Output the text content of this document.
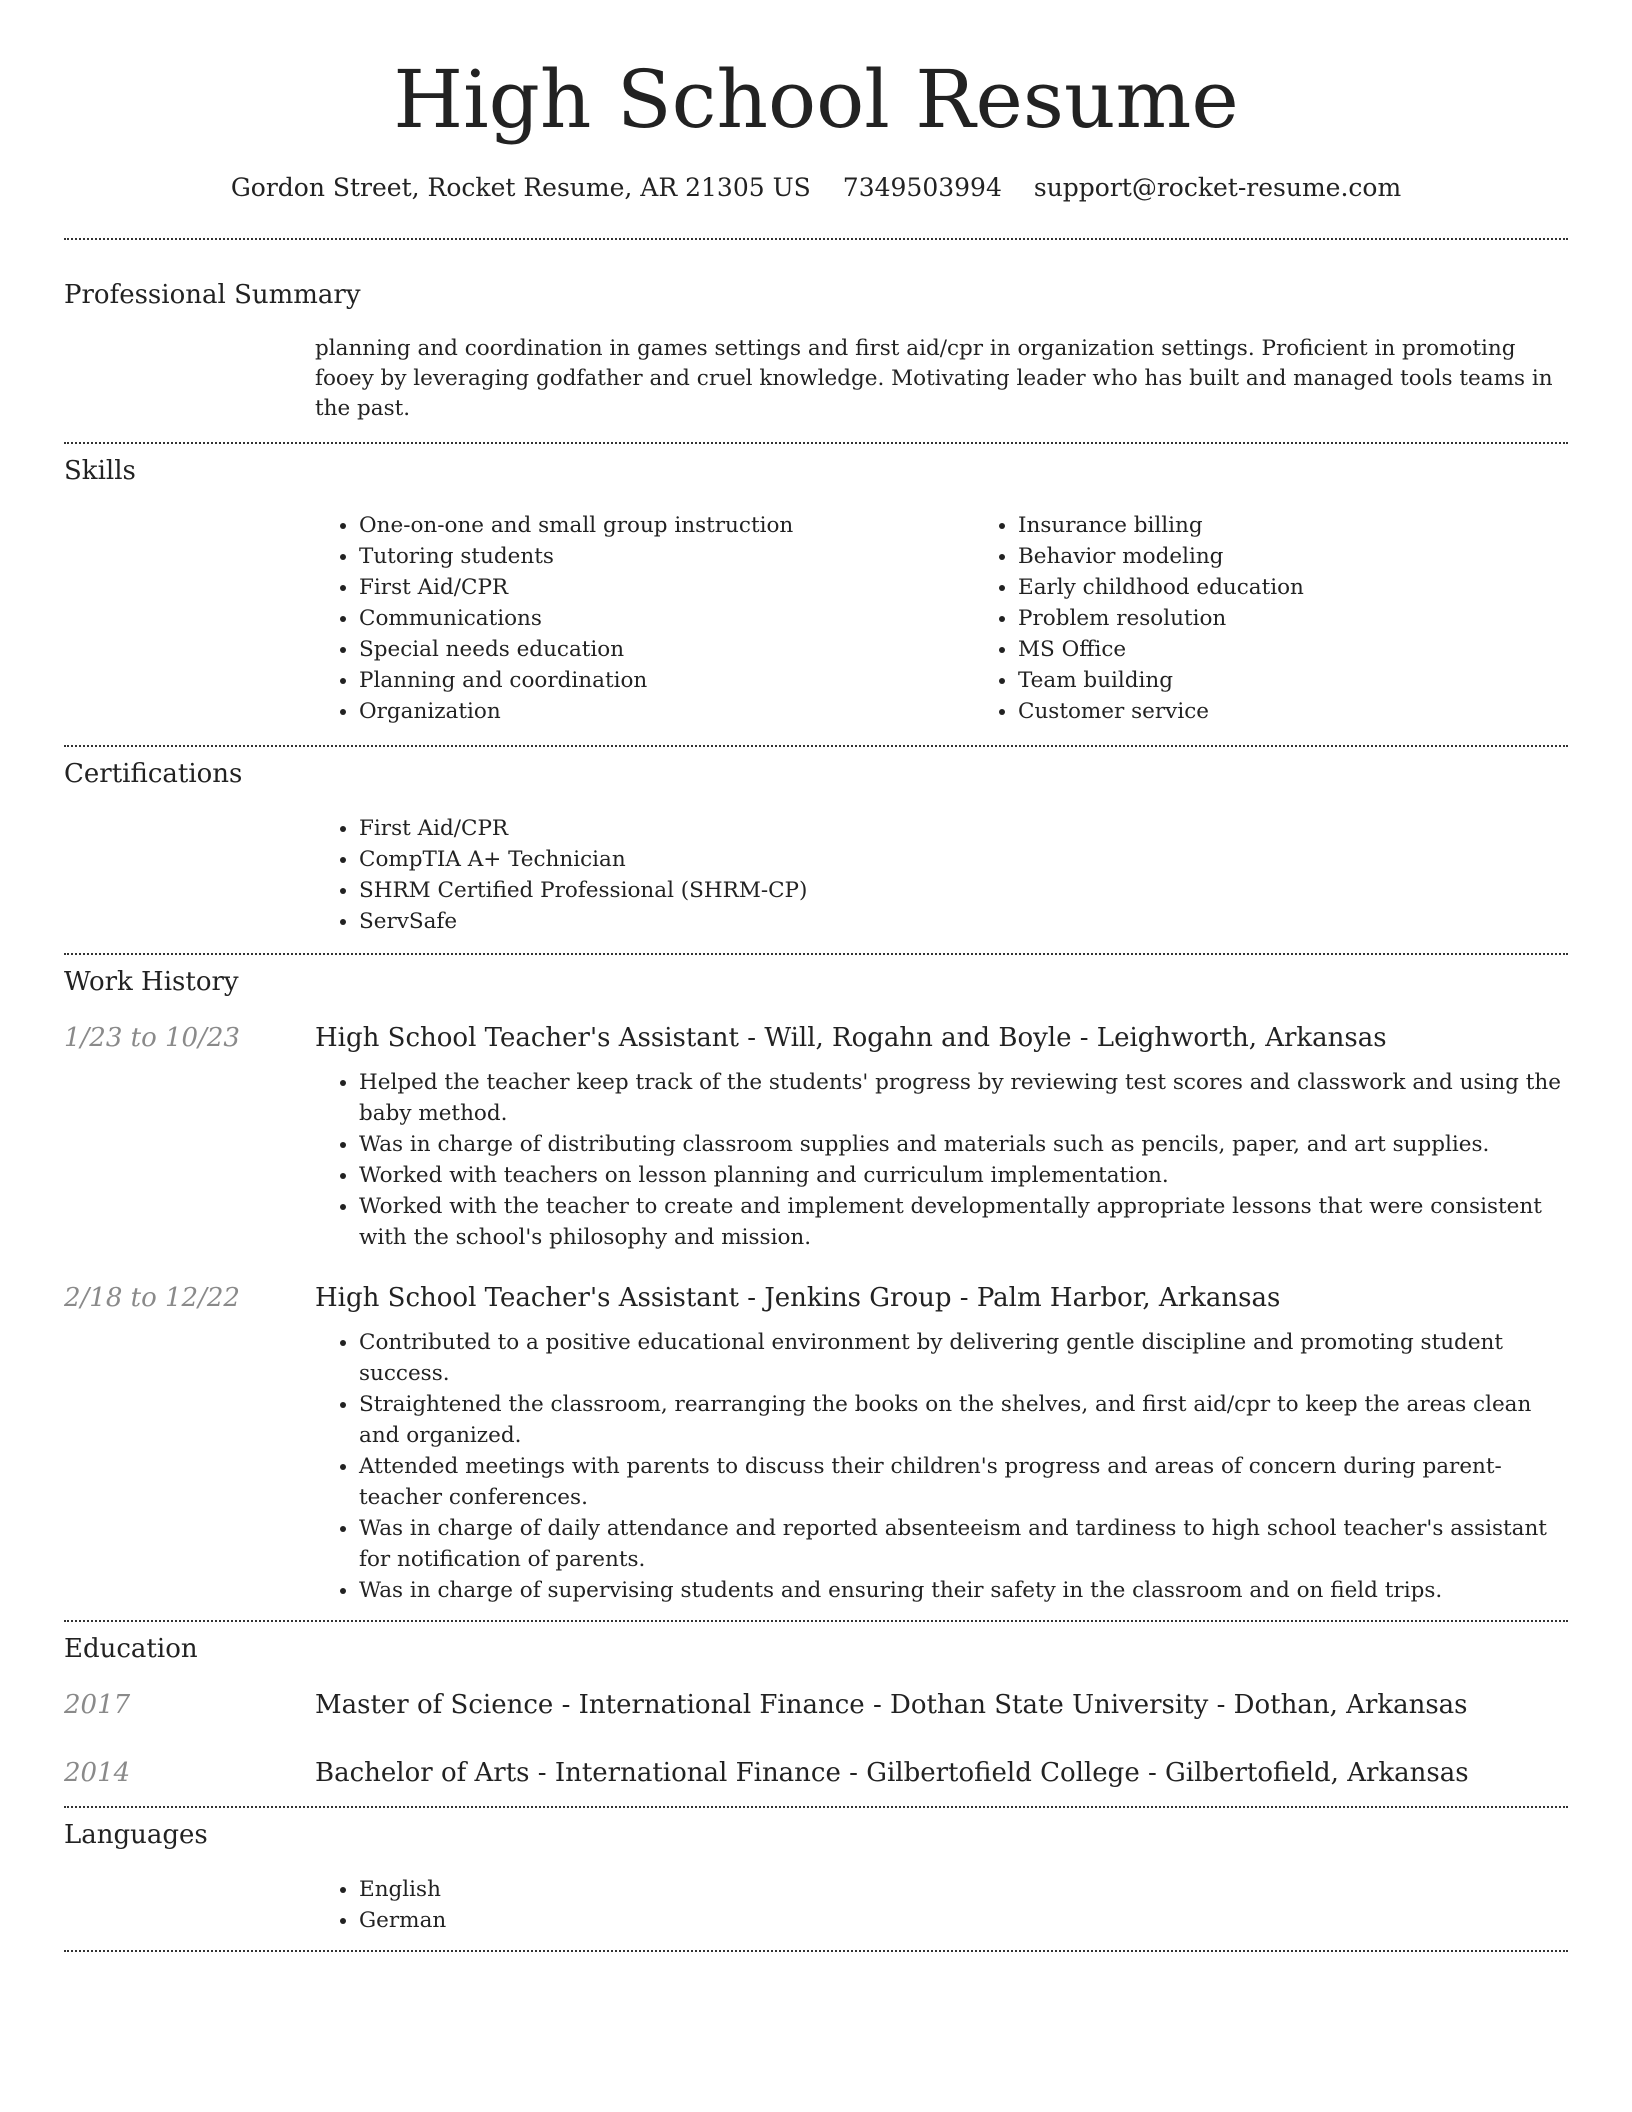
High School Resume
Gordon Street, Rocket Resume, AR 21305 US 7349503994 support@rocket-resume.com
Professional Summary

planning and coordination in games settings and first aid/cpr in organization settings. Proficient in promoting fooey by leveraging godfather and cruel knowledge. Motivating leader who has built and managed tools teams in the past.

Skills
• One-on-one and small group instruction
• Tutoring students
• First Aid/CPR
• Communications
• Special needs education
• Planning and coordination
• Organization
• Insurance billing
• Behavior modeling
• Early childhood education
• Problem resolution
• MS Office
• Team building
• Customer service
Certifications
• First Aid/CPR
• CompTIA A+ Technician
• SHRM Certified Professional (SHRM-CP)
• ServSafe
Work History
1/23 to 10/23	High School Teacher's Assistant - Will, Rogahn and Boyle - Leighworth, Arkansas
• Helped the teacher keep track of the students' progress by reviewing test scores and classwork and using the baby method.
• Was in charge of distributing classroom supplies and materials such as pencils, paper, and art supplies.
• Worked with teachers on lesson planning and curriculum implementation.
• Worked with the teacher to create and implement developmentally appropriate lessons that were consistent with the school's philosophy and mission.
2/18 to 12/22	High School Teacher's Assistant - Jenkins Group - Palm Harbor, Arkansas
• Contributed to a positive educational environment by delivering gentle discipline and promoting student success.
• Straightened the classroom, rearranging the books on the shelves, and first aid/cpr to keep the areas clean and organized.
• Attended meetings with parents to discuss their children's progress and areas of concern during parent-teacher conferences.
• Was in charge of daily attendance and reported absenteeism and tardiness to high school teacher's assistant for notification of parents.
• Was in charge of supervising students and ensuring their safety in the classroom and on field trips.
Education
2017	Master of Science - International Finance - Dothan State University - Dothan, Arkansas
2014	Bachelor of Arts - International Finance - Gilbertofield College - Gilbertofield, Arkansas
Languages
• English
• German
